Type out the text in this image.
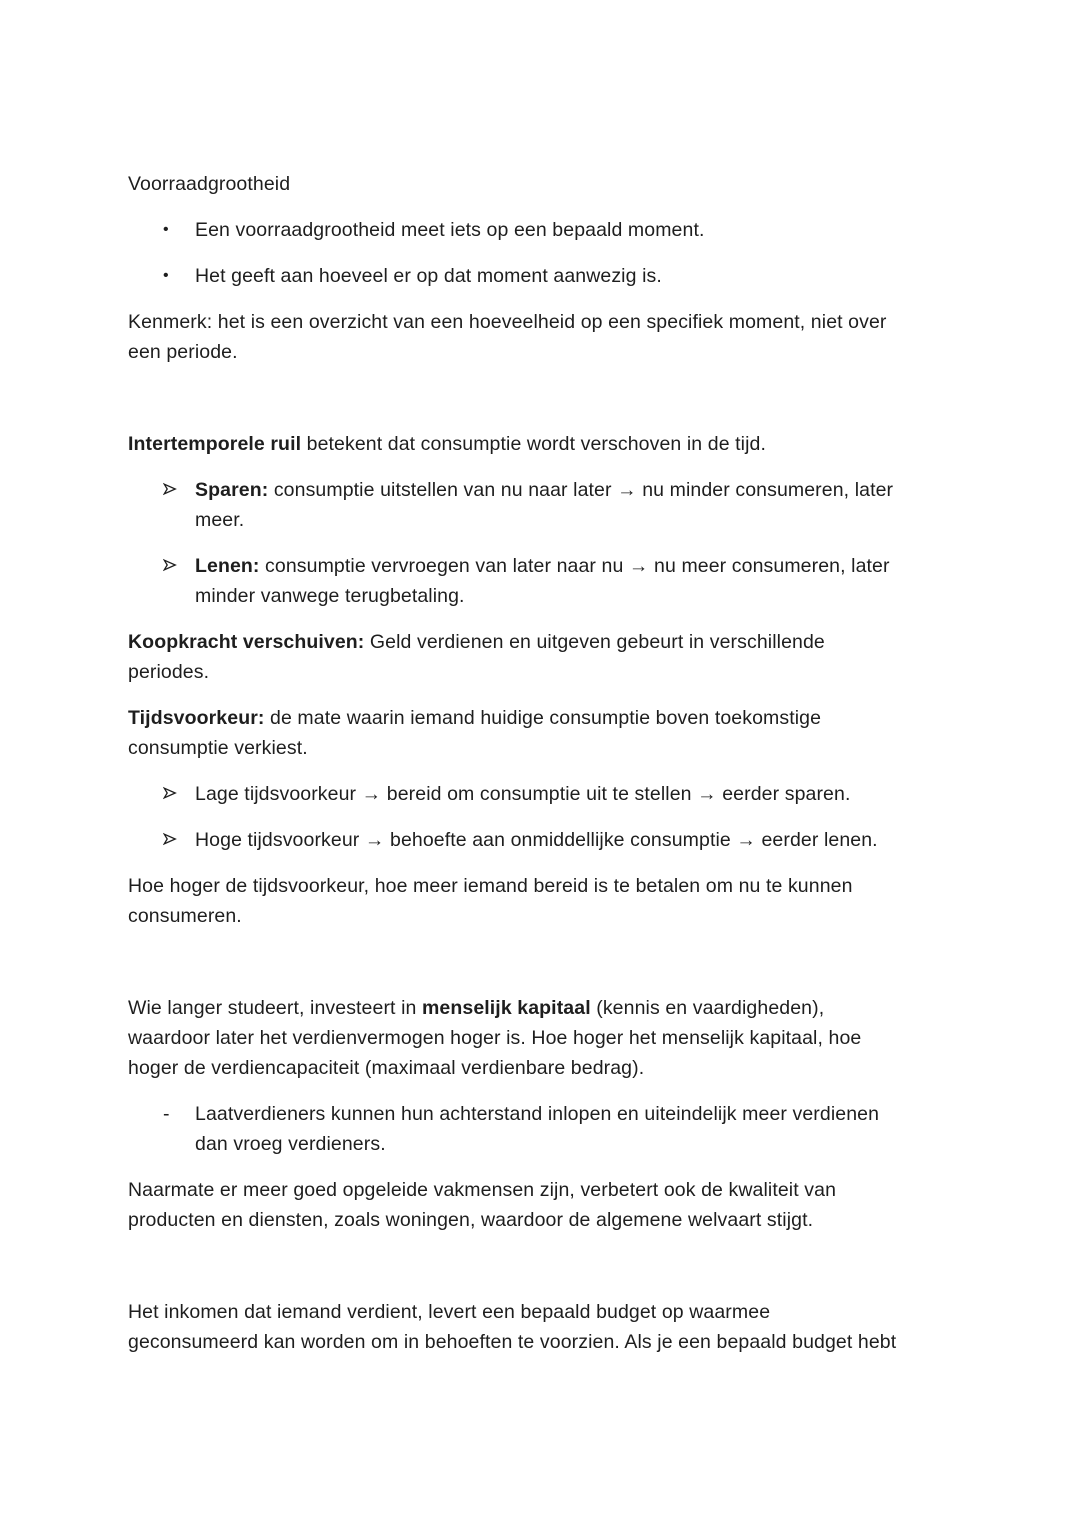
Voorraadgrootheid

•	Een voorraadgrootheid meet iets op een bepaald moment.
•	Het geeft aan hoeveel er op dat moment aanwezig is.

Kenmerk: het is een overzicht van een hoeveelheid op een specifiek moment, niet over
een periode.

Intertemporele ruil betekent dat consumptie wordt verschoven in de tijd.

Sparen: consumptie uitstellen van nu naar later → nu minder consumeren, later
meer.
Lenen: consumptie vervroegen van later naar nu → nu meer consumeren, later
minder vanwege terugbetaling.

Koopkracht verschuiven: Geld verdienen en uitgeven gebeurt in verschillende
periodes.

Tijdsvoorkeur: de mate waarin iemand huidige consumptie boven toekomstige
consumptie verkiest.

Lage tijdsvoorkeur → bereid om consumptie uit te stellen → eerder sparen.
Hoge tijdsvoorkeur → behoefte aan onmiddellijke consumptie → eerder lenen.

Hoe hoger de tijdsvoorkeur, hoe meer iemand bereid is te betalen om nu te kunnen
consumeren.

Wie langer studeert, investeert in menselijk kapitaal (kennis en vaardigheden),
waardoor later het verdienvermogen hoger is. Hoe hoger het menselijk kapitaal, hoe
hoger de verdiencapaciteit (maximaal verdienbare bedrag).

-	Laatverdieners kunnen hun achterstand inlopen en uiteindelijk meer verdienen
dan vroeg verdieners.

Naarmate er meer goed opgeleide vakmensen zijn, verbetert ook de kwaliteit van
producten en diensten, zoals woningen, waardoor de algemene welvaart stijgt.

Het inkomen dat iemand verdient, levert een bepaald budget op waarmee
geconsumeerd kan worden om in behoeften te voorzien. Als je een bepaald budget hebt
